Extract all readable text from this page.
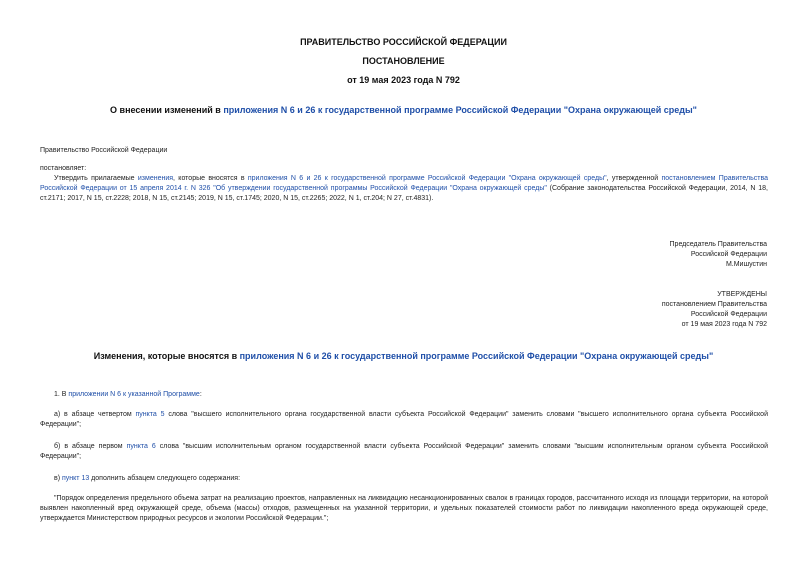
ПРАВИТЕЛЬСТВО РОССИЙСКОЙ ФЕДЕРАЦИИ
ПОСТАНОВЛЕНИЕ
от 19 мая 2023 года N 792
О внесении изменений в приложения N 6 и 26 к государственной программе Российской Федерации "Охрана окружающей среды"
Правительство Российской Федерации
постановляет:
Утвердить прилагаемые изменения, которые вносятся в приложения N 6 и 26 к государственной программе Российской Федерации "Охрана окружающей среды", утвержденной постановлением Правительства Российской Федерации от 15 апреля 2014 г. N 326 "Об утверждении государственной программы Российской Федерации "Охрана окружающей среды" (Собрание законодательства Российской Федерации, 2014, N 18, ст.2171; 2017, N 15, ст.2228; 2018, N 15, ст.2145; 2019, N 15, ст.1745; 2020, N 15, ст.2265; 2022, N 1, ст.204; N 27, ст.4831).
Председатель Правительства
Российской Федерации
М.Мишустин
УТВЕРЖДЕНЫ
постановлением Правительства
Российской Федерации
от 19 мая 2023 года N 792
Изменения, которые вносятся в приложения N 6 и 26 к государственной программе Российской Федерации "Охрана окружающей среды"
1. В приложении N 6 к указанной Программе:
а) в абзаце четвертом пункта 5 слова "высшего исполнительного органа государственной власти субъекта Российской Федерации" заменить словами "высшего исполнительного органа субъекта Российской Федерации";
б) в абзаце первом пункта 6 слова "высшим исполнительным органом государственной власти субъекта Российской Федерации" заменить словами "высшим исполнительным органом субъекта Российской Федерации";
в) пункт 13 дополнить абзацем следующего содержания:
"Порядок определения предельного объема затрат на реализацию проектов, направленных на ликвидацию несанкционированных свалок в границах городов, рассчитанного исходя из площади территории, на которой выявлен накопленный вред окружающей среде, объема (массы) отходов, размещенных на указанной территории, и удельных показателей стоимости работ по ликвидации накопленного вреда окружающей среде, утверждается Министерством природных ресурсов и экологии Российской Федерации.";
